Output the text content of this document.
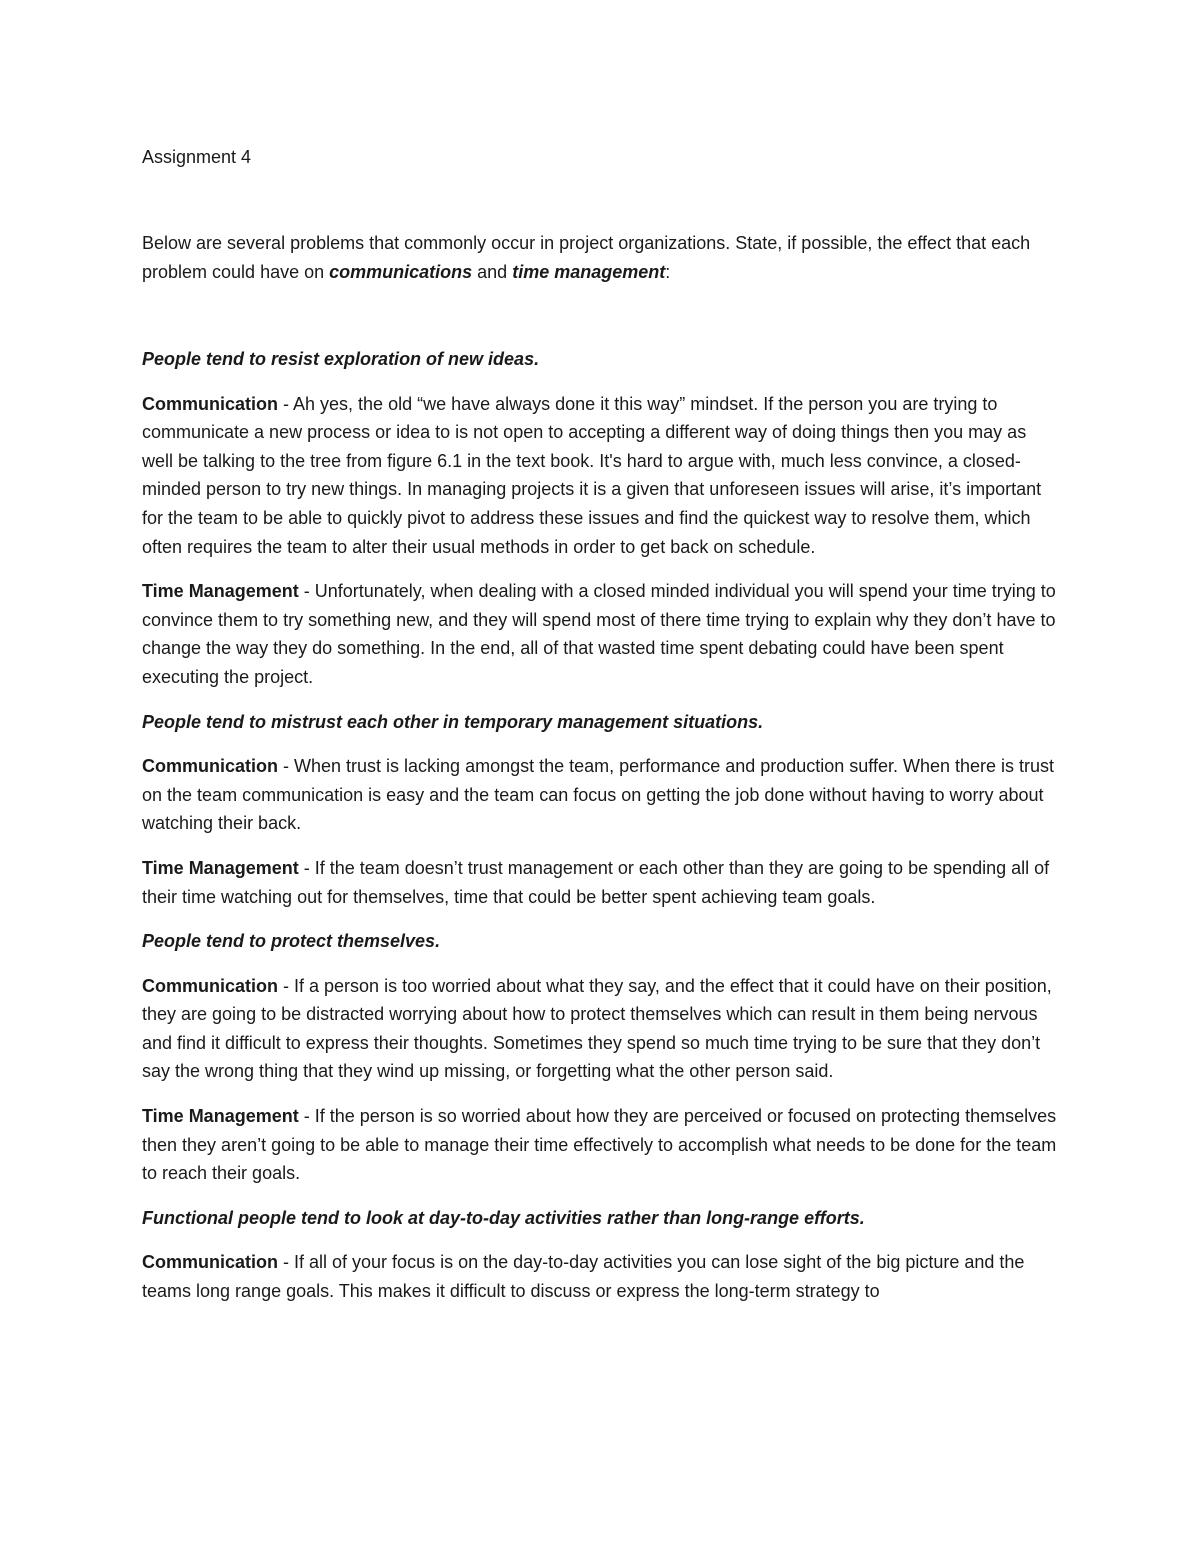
Assignment 4

Below are several problems that commonly occur in project organizations. State, if possible, the effect that each problem could have on communications and time management:

People tend to resist exploration of new ideas.

Communication - Ah yes, the old “we have always done it this way” mindset. If the person you are trying to communicate a new process or idea to is not open to accepting a different way of doing things then you may as well be talking to the tree from figure 6.1 in the text book. It's hard to argue with, much less convince, a closed-minded person to try new things. In managing projects it is a given that unforeseen issues will arise, it’s important for the team to be able to quickly pivot to address these issues and find the quickest way to resolve them, which often requires the team to alter their usual methods in order to get back on schedule.

Time Management - Unfortunately, when dealing with a closed minded individual you will spend your time trying to convince them to try something new, and they will spend most of there time trying to explain why they don’t have to change the way they do something. In the end, all of that wasted time spent debating could have been spent executing the project.

People tend to mistrust each other in temporary management situations.

Communication - When trust is lacking amongst the team, performance and production suffer. When there is trust on the team communication is easy and the team can focus on getting the job done without having to worry about watching their back.

Time Management - If the team doesn’t trust management or each other than they are going to be spending all of their time watching out for themselves, time that could be better spent achieving team goals.

People tend to protect themselves.

Communication - If a person is too worried about what they say, and the effect that it could have on their position, they are going to be distracted worrying about how to protect themselves which can result in them being nervous and find it difficult to express their thoughts. Sometimes they spend so much time trying to be sure that they don’t say the wrong thing that they wind up missing, or forgetting what the other person said.

Time Management - If the person is so worried about how they are perceived or focused on protecting themselves then they aren’t going to be able to manage their time effectively to accomplish what needs to be done for the team to reach their goals.

Functional people tend to look at day-to-day activities rather than long-range efforts.

Communication - If all of your focus is on the day-to-day activities you can lose sight of the big picture and the teams long range goals. This makes it difficult to discuss or express the long-term strategy to
